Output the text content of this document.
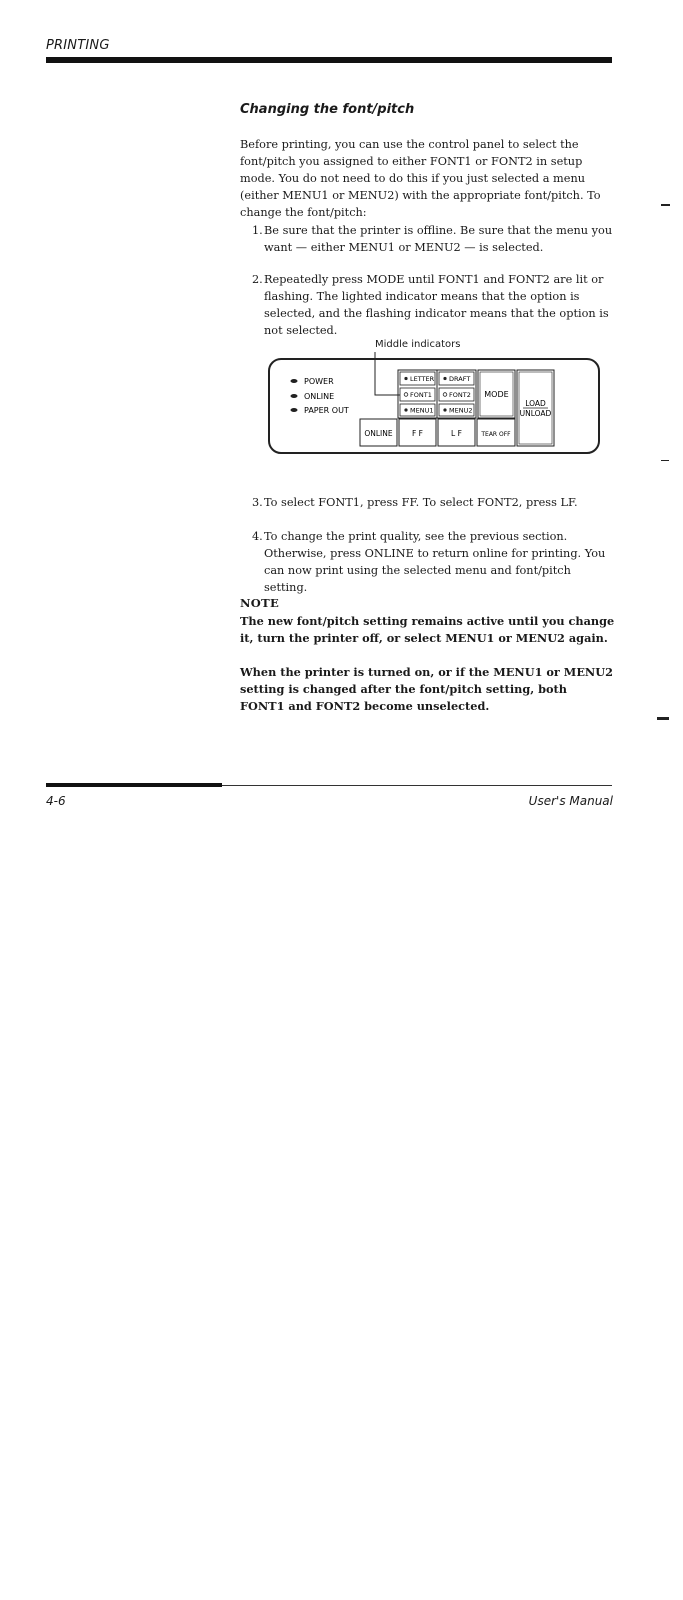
PRINTING
Changing the font/pitch
Before printing, you can use the control panel to select the font/pitch you assigned to either FONT1 or FONT2 in setup mode. You do not need to do this if you just selected a menu (either MENU1 or MENU2) with the appropriate font/pitch. To change the font/pitch:
1. Be sure that the printer is offline. Be sure that the menu you want — either MENU1 or MENU2 — is selected.
2. Repeatedly press MODE until FONT1 and FONT2 are lit or flashing. The lighted indicator means that the option is selected, and the flashing indicator means that the option is not selected.
Middle indicators
POWER
ONLINE
PAPER OUT
LETTER DRAFT
FONT1	FONT2
MENU1 MENU2
MODE
LOAD
UNLOAD
ONLINE	F F	L F	TEAR OFF
3. To select FONT1, press FF. To select FONT2, press LF.
4. To change the print quality, see the previous section. Otherwise, press ONLINE to return online for printing. You can now print using the selected menu and font/pitch setting.
NOTE
The new font/pitch setting remains active until you change it, turn the printer off, or select MENU1 or MENU2 again.
When the printer is turned on, or if the MENU1 or MENU2 setting is changed after the font/pitch setting, both FONT1 and FONT2 become unselected.
4-6	User's Manual
